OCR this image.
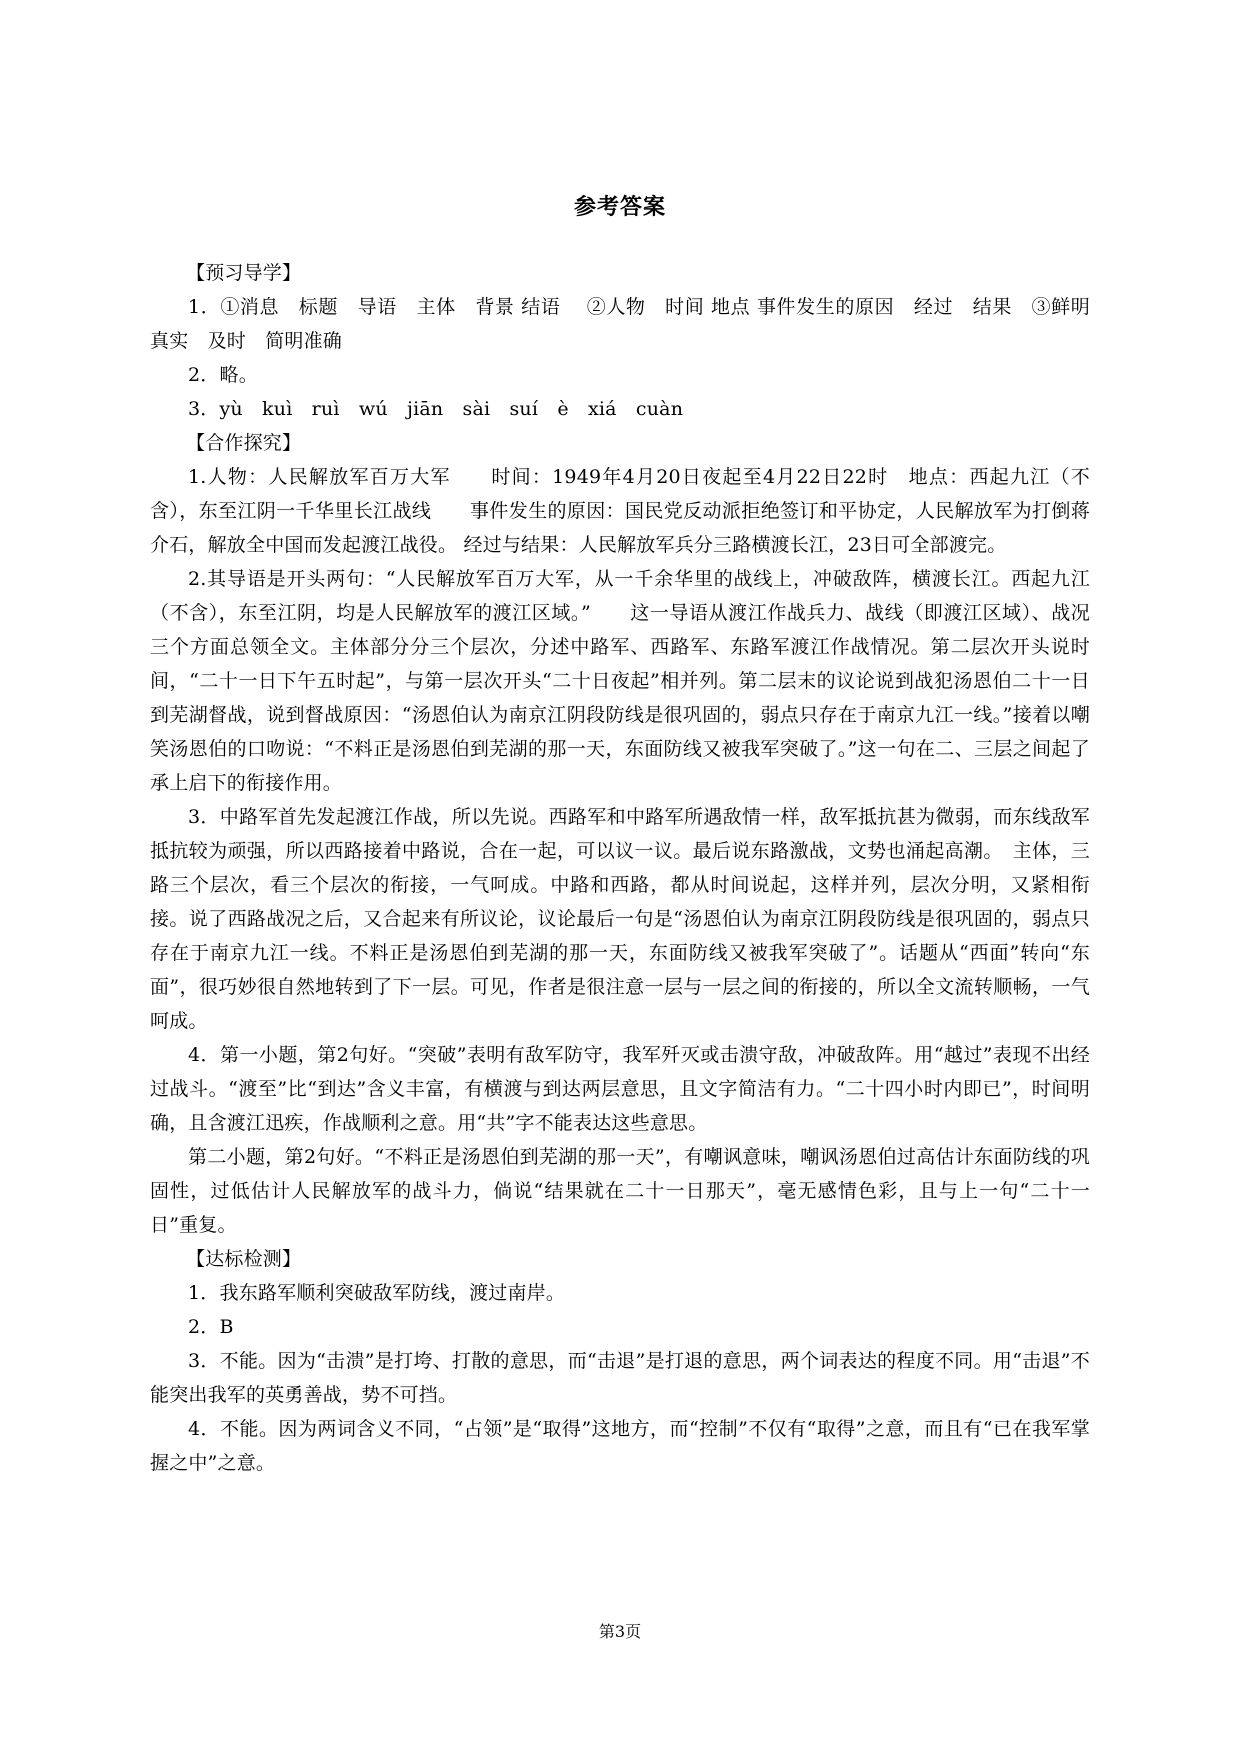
参考答案

【预习导学】

1．①消息　标题　导语　主体　背景 结语　 ②人物　时间 地点 事件发生的原因　经过　结果　③鲜明　真实　及时　简明准确

2．略。

3．yù　kuì　ruì　wú　jiān　sài　suí　è　xiá　cuàn

【合作探究】

1.人物：人民解放军百万大军　　时间：1949年4月20日夜起至4月22日22时　地点：西起九江（不含），东至江阴一千华里长江战线　　事件发生的原因：国民党反动派拒绝签订和平协定，人民解放军为打倒蒋介石，解放全中国而发起渡江战役。 经过与结果：人民解放军兵分三路横渡长江，23日可全部渡完。

2.其导语是开头两句：“人民解放军百万大军，从一千余华里的战线上，冲破敌阵，横渡长江。西起九江（不含），东至江阴，均是人民解放军的渡江区域。”　　这一导语从渡江作战兵力、战线（即渡江区域）、战况三个方面总领全文。主体部分分三个层次，分述中路军、西路军、东路军渡江作战情况。第二层次开头说时间，“二十一日下午五时起”，与第一层次开头“二十日夜起”相并列。第二层末的议论说到战犯汤恩伯二十一日到芜湖督战，说到督战原因：“汤恩伯认为南京江阴段防线是很巩固的，弱点只存在于南京九江一线。”接着以嘲笑汤恩伯的口吻说：“不料正是汤恩伯到芜湖的那一天，东面防线又被我军突破了。”这一句在二、三层之间起了承上启下的衔接作用。

3．中路军首先发起渡江作战，所以先说。西路军和中路军所遇敌情一样，敌军抵抗甚为微弱，而东线敌军抵抗较为顽强，所以西路接着中路说，合在一起，可以议一议。最后说东路激战，文势也涌起高潮。　主体，三路三个层次，看三个层次的衔接，一气呵成。中路和西路，都从时间说起，这样并列，层次分明，又紧相衔接。说了西路战况之后，又合起来有所议论，议论最后一句是“汤恩伯认为南京江阴段防线是很巩固的，弱点只存在于南京九江一线。不料正是汤恩伯到芜湖的那一天，东面防线又被我军突破了”。话题从“西面”转向“东面”，很巧妙很自然地转到了下一层。可见，作者是很注意一层与一层之间的衔接的，所以全文流转顺畅，一气呵成。

4．第一小题，第2句好。“突破”表明有敌军防守，我军歼灭或击溃守敌，冲破敌阵。用“越过”表现不出经过战斗。“渡至”比“到达”含义丰富，有横渡与到达两层意思，且文字简洁有力。“二十四小时内即已”，时间明确，且含渡江迅疾，作战顺利之意。用“共”字不能表达这些意思。

第二小题，第2句好。“不料正是汤恩伯到芜湖的那一天”，有嘲讽意味，嘲讽汤恩伯过高估计东面防线的巩固性，过低估计人民解放军的战斗力，倘说“结果就在二十一日那天”，毫无感情色彩，且与上一句“二十一日”重复。

【达标检测】

1．我东路军顺利突破敌军防线，渡过南岸。

2．B

3．不能。因为“击溃”是打垮、打散的意思，而“击退”是打退的意思，两个词表达的程度不同。用“击退”不能突出我军的英勇善战，势不可挡。

4．不能。因为两词含义不同，“占领”是“取得”这地方，而“控制”不仅有“取得”之意，而且有“已在我军掌握之中”之意。

第3页
